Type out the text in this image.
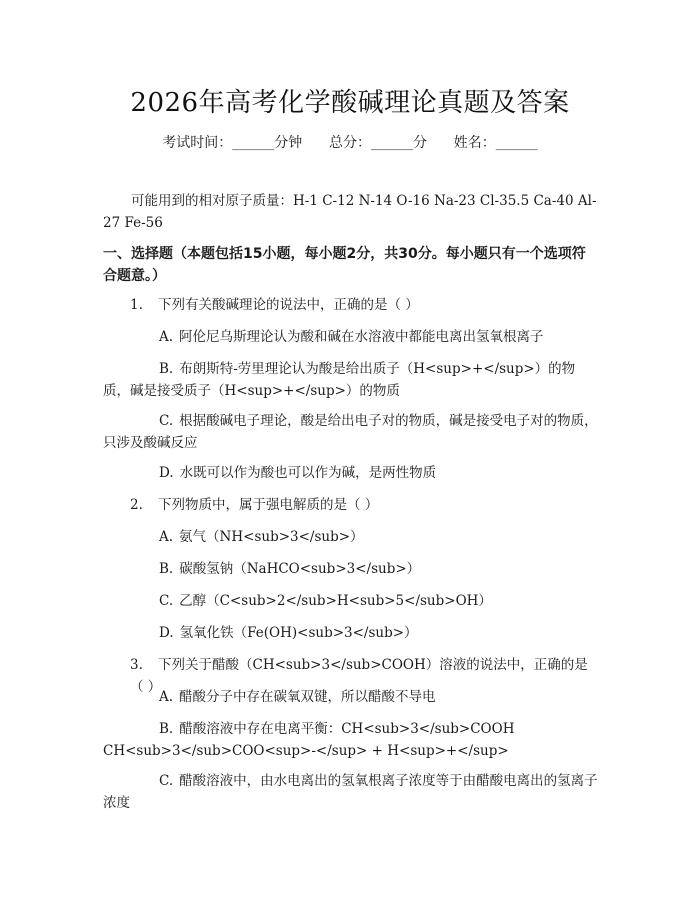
2026年高考化学酸碱理论真题及答案
考试时间：______分钟      总分：______分      姓名：______

可能用到的相对原子质量：H-1 C-12 N-14 O-16 Na-23 Cl-35.5 Ca-40 Al-27 Fe-56

一、选择题（本题包括15小题，每小题2分，共30分。每小题只有一个选项符合题意。）

1. 下列有关酸碱理论的说法中，正确的是（ ）

A. 阿伦尼乌斯理论认为酸和碱在水溶液中都能电离出氢氧根离子

B. 布朗斯特-劳里理论认为酸是给出质子（H<sup>+</sup>）的物质，碱是接受质子（H<sup>+</sup>）的物质

C. 根据酸碱电子理论，酸是给出电子对的物质，碱是接受电子对的物质，只涉及酸碱反应

D. 水既可以作为酸也可以作为碱，是两性物质

2. 下列物质中，属于强电解质的是（ ）

A. 氨气（NH<sub>3</sub>）

B. 碳酸氢钠（NaHCO<sub>3</sub>）

C. 乙醇（C<sub>2</sub>H<sub>5</sub>OH）

D. 氢氧化铁（Fe(OH)<sub>3</sub>）

3. 下列关于醋酸（CH<sub>3</sub>COOH）溶液的说法中，正确的是（ ）

A. 醋酸分子中存在碳氧双键，所以醋酸不导电

B. 醋酸溶液中存在电离平衡：CH<sub>3</sub>COOH CH<sub>3</sub>COO<sup>-</sup> + H<sup>+</sup>

C. 醋酸溶液中，由水电离出的氢氧根离子浓度等于由醋酸电离出的氢离子浓度
